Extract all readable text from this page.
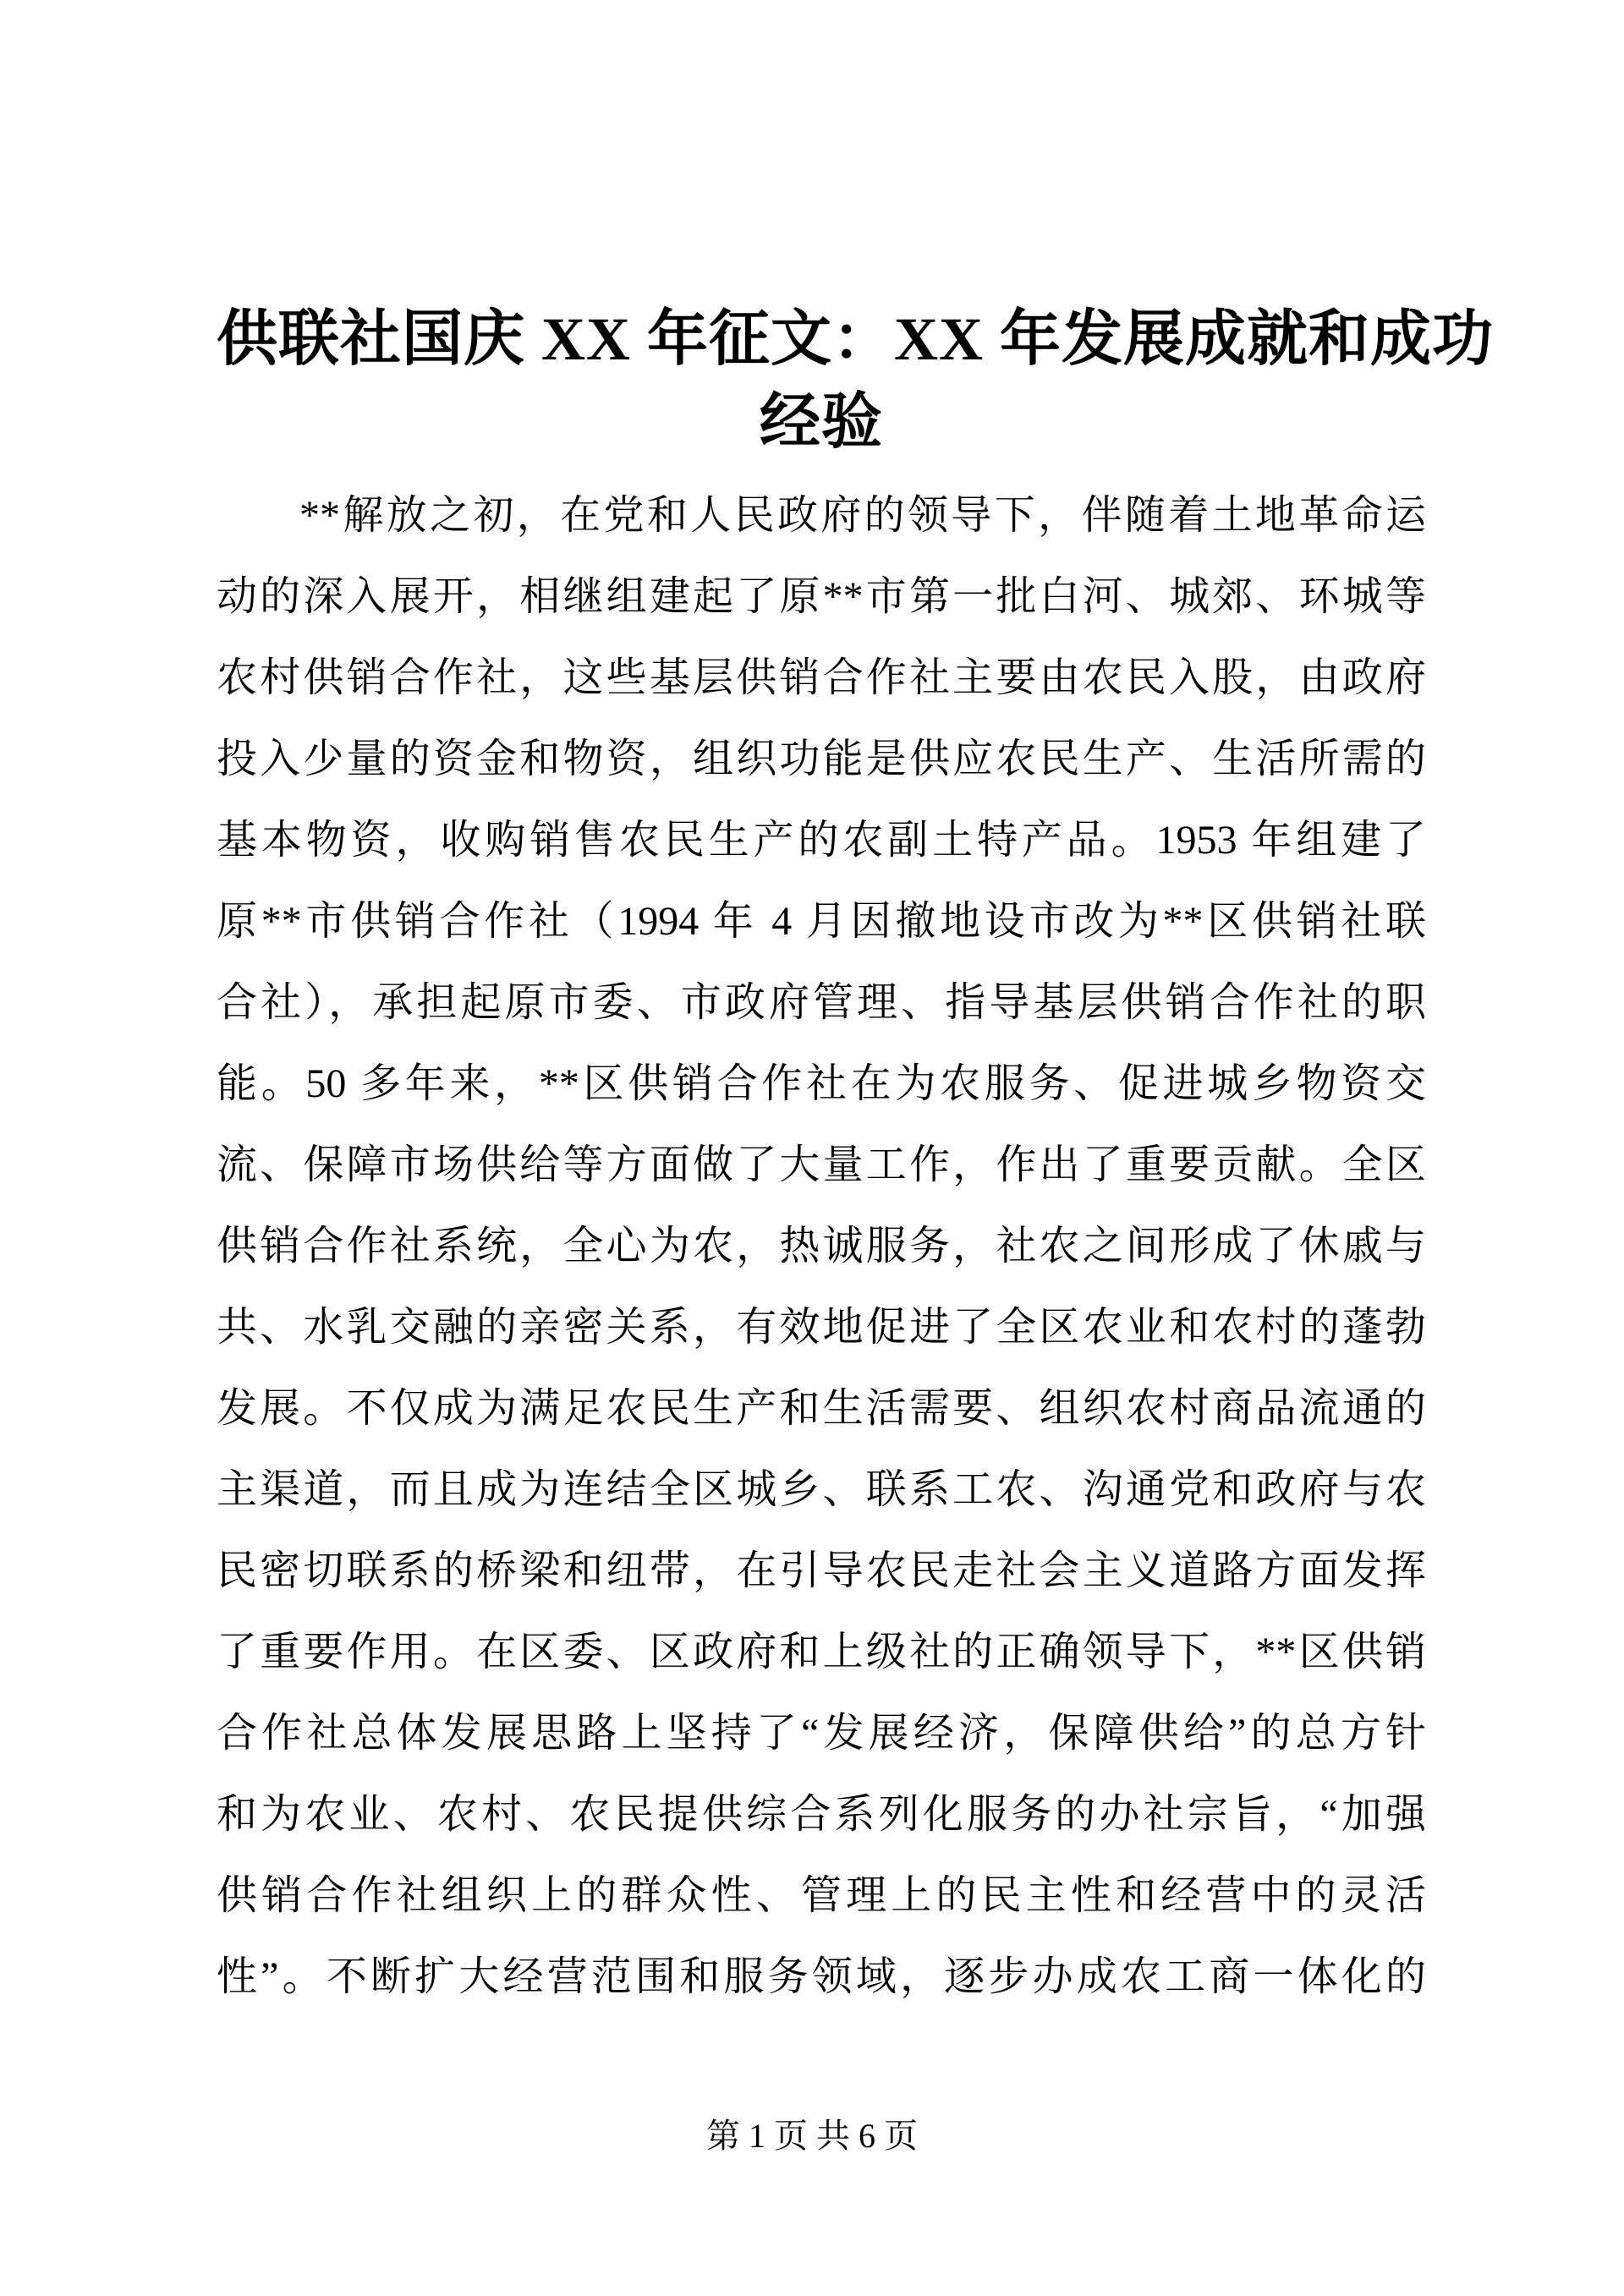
供联社国庆 XX 年征文：XX 年发展成就和成功
经验
**解放之初，在党和人民政府的领导下，伴随着土地革命运
动的深入展开，相继组建起了原**市第一批白河、城郊、环城等
农村供销合作社，这些基层供销合作社主要由农民入股，由政府
投入少量的资金和物资，组织功能是供应农民生产、生活所需的
基本物资，收购销售农民生产的农副土特产品。1953 年组建了
原**市供销合作社（1994 年 4 月因撤地设市改为**区供销社联
合社），承担起原市委、市政府管理、指导基层供销合作社的职
能。50 多年来，**区供销合作社在为农服务、促进城乡物资交
流、保障市场供给等方面做了大量工作，作出了重要贡献。全区
供销合作社系统，全心为农，热诚服务，社农之间形成了休戚与
共、水乳交融的亲密关系，有效地促进了全区农业和农村的蓬勃
发展。不仅成为满足农民生产和生活需要、组织农村商品流通的
主渠道，而且成为连结全区城乡、联系工农、沟通党和政府与农
民密切联系的桥梁和纽带，在引导农民走社会主义道路方面发挥
了重要作用。在区委、区政府和上级社的正确领导下，**区供销
合作社总体发展思路上坚持了“发展经济，保障供给”的总方针
和为农业、农村、农民提供综合系列化服务的办社宗旨，“加强
供销合作社组织上的群众性、管理上的民主性和经营中的灵活
性”。不断扩大经营范围和服务领域，逐步办成农工商一体化的
第 1 页 共 6 页
